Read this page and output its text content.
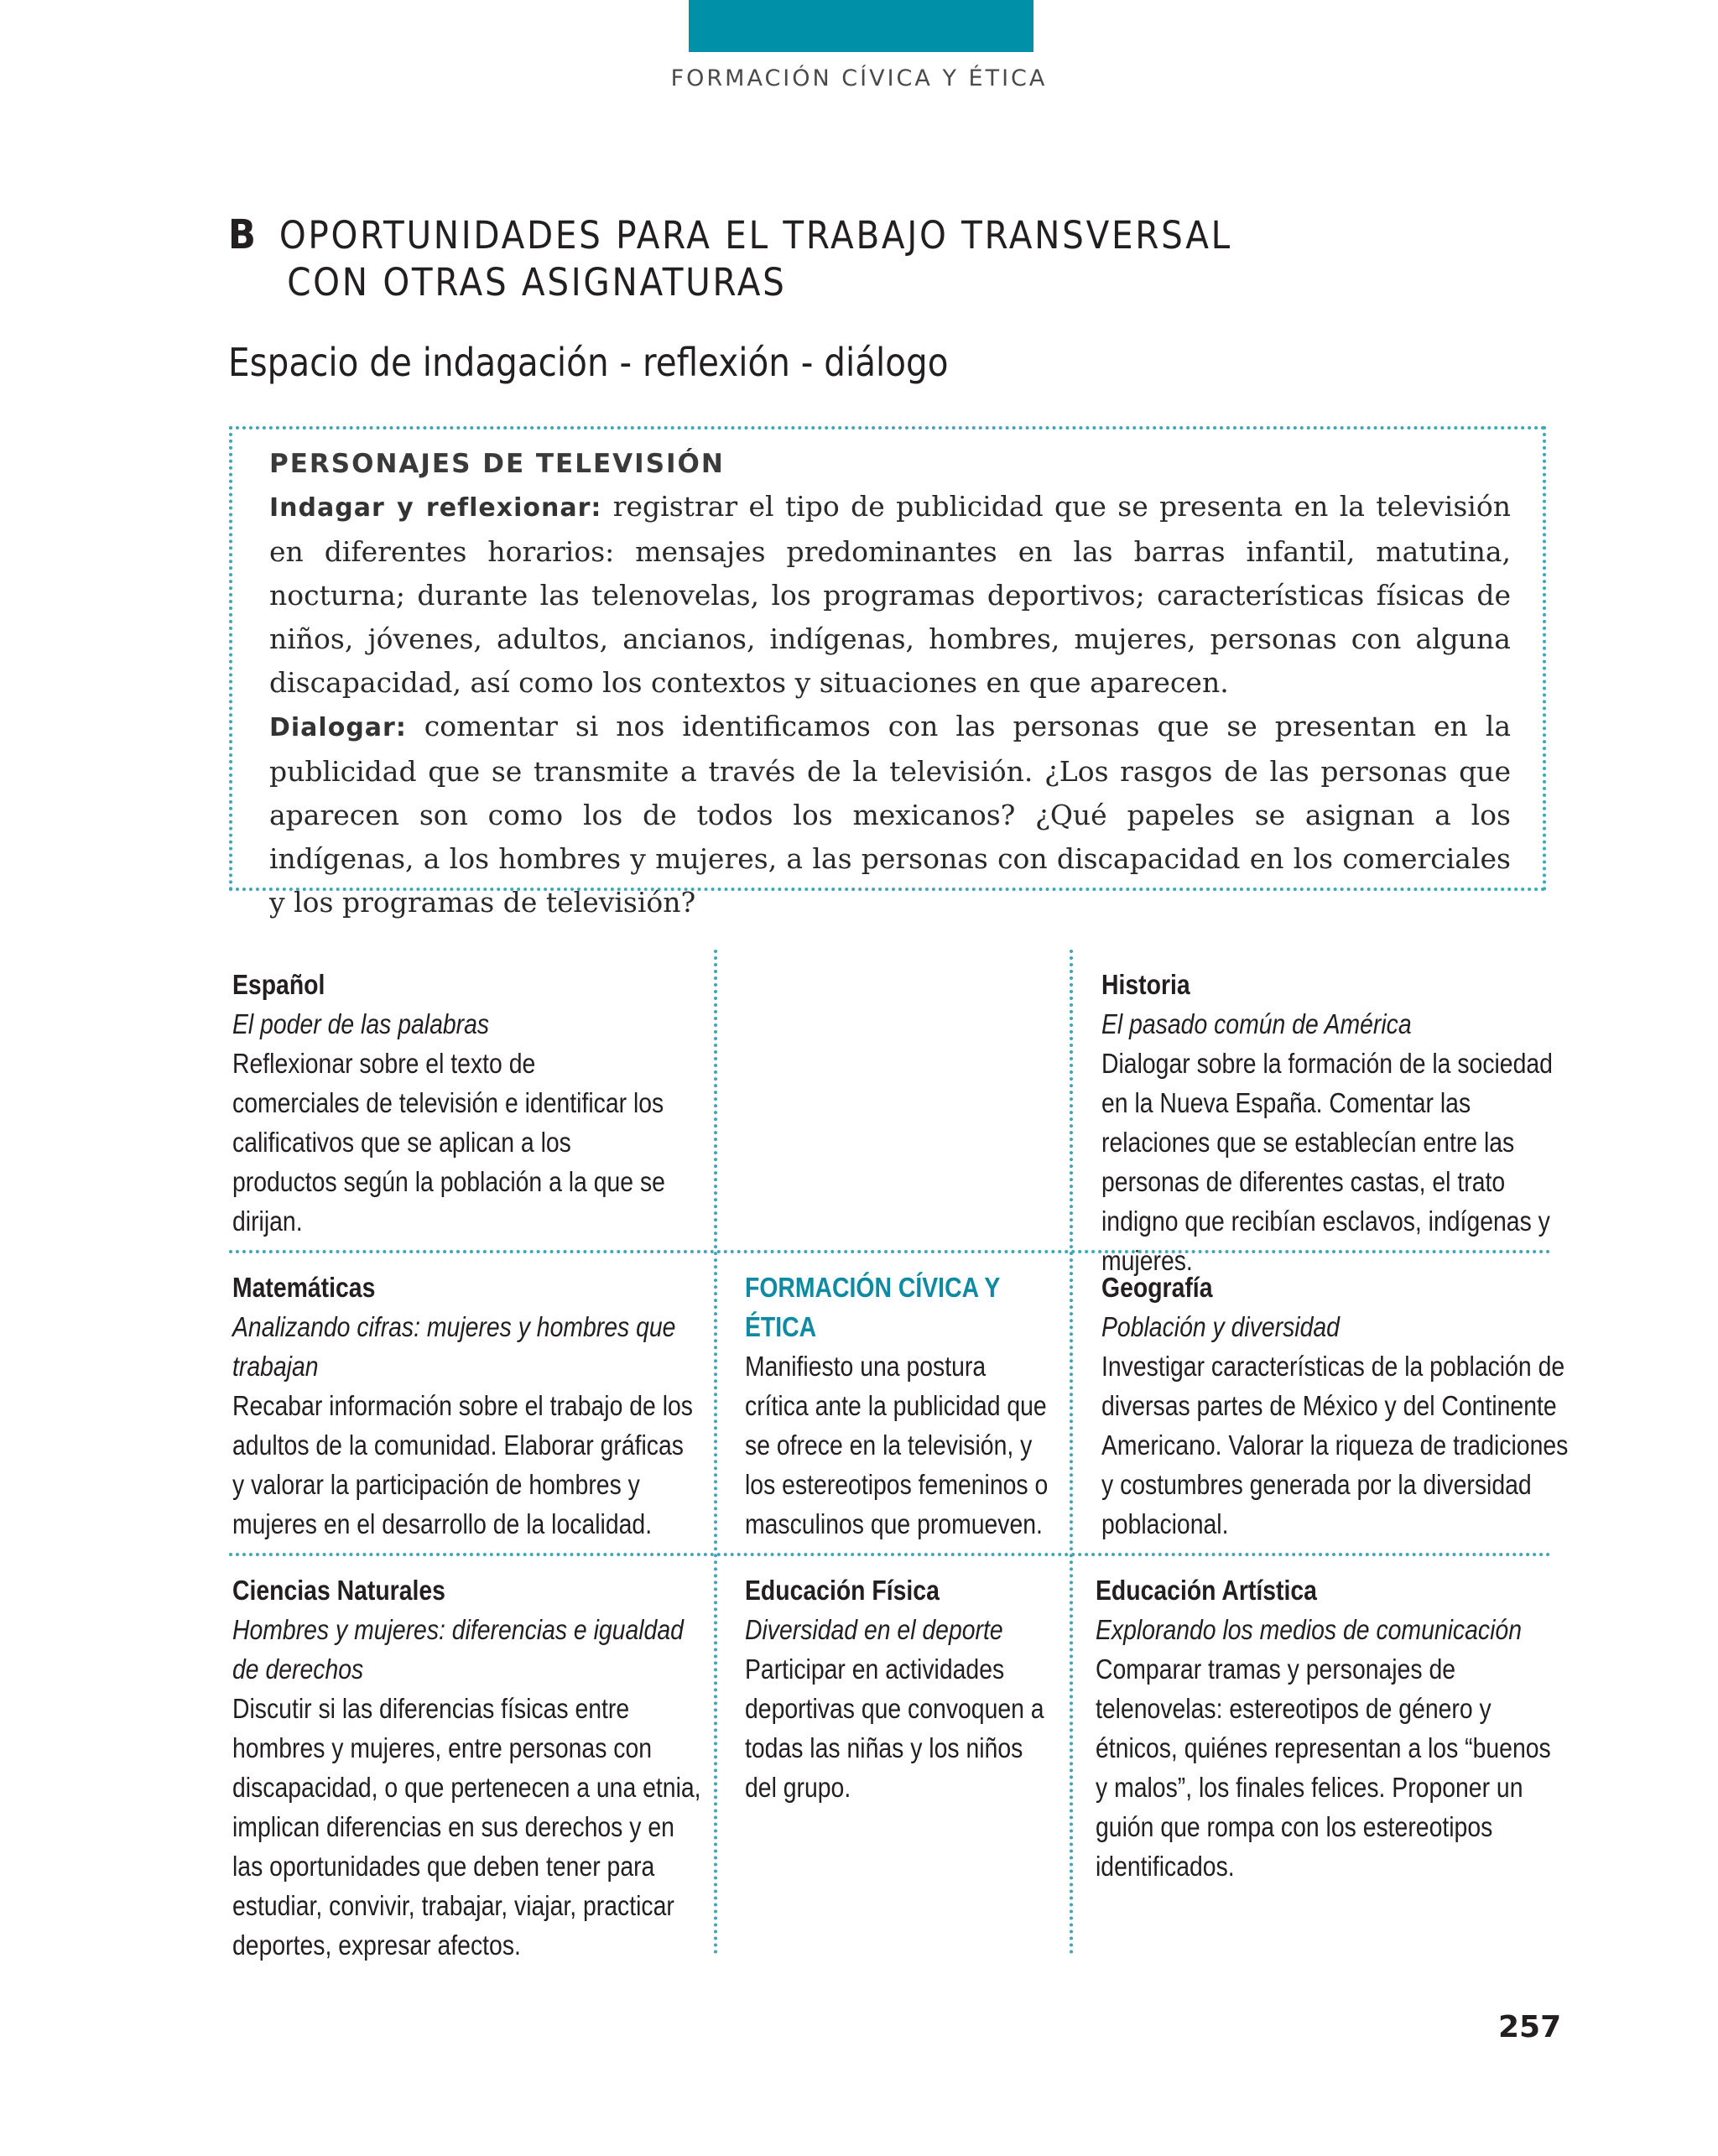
FORMACIÓN CÍVICA Y ÉTICA
B OPORTUNIDADES PARA EL TRABAJO TRANSVERSAL
CON OTRAS ASIGNATURAS
Espacio de indagación - reflexión - diálogo
PERSONAJES DE TELEVISIÓN

Indagar y reflexionar: registrar el tipo de publicidad que se presenta en la televisión en diferentes horarios: mensajes predominantes en las barras infantil, matutina, nocturna; durante las telenovelas, los programas deportivos; características físicas de niños, jóvenes, adultos, ancianos, indígenas, hombres, mujeres, personas con alguna discapacidad, así como los contextos y situaciones en que aparecen.

Dialogar: comentar si nos identificamos con las personas que se presentan en la publicidad que se transmite a través de la televisión. ¿Los rasgos de las personas que aparecen son como los de todos los mexicanos? ¿Qué papeles se asignan a los indígenas, a los hombres y mujeres, a las personas con discapacidad en los comerciales y los programas de televisión?

Español
El poder de las palabras
Reflexionar sobre el texto de comerciales de televisión e identificar los calificativos que se aplican a los productos según la población a la que se dirijan.
Historia
El pasado común de América
Dialogar sobre la formación de la sociedad en la Nueva España. Comentar las relaciones que se establecían entre las personas de diferentes castas, el trato indigno que recibían esclavos, indígenas y mujeres.
Matemáticas
Analizando cifras: mujeres y hombres que trabajan
Recabar información sobre el trabajo de los adultos de la comunidad. Elaborar gráficas y valorar la participación de hombres y mujeres en el desarrollo de la localidad.
FORMACIÓN CÍVICA Y ÉTICA
Manifiesto una postura crítica ante la publicidad que se ofrece en la televisión, y los estereotipos femeninos o masculinos que promueven.
Geografía
Población y diversidad
Investigar características de la población de diversas partes de México y del Continente Americano. Valorar la riqueza de tradiciones y costumbres generada por la diversidad poblacional.
Ciencias Naturales
Hombres y mujeres: diferencias e igualdad de derechos
Discutir si las diferencias físicas entre hombres y mujeres, entre personas con discapacidad, o que pertenecen a una etnia, implican diferencias en sus derechos y en las oportunidades que deben tener para estudiar, convivir, trabajar, viajar, practicar deportes, expresar afectos.
Educación Física
Diversidad en el deporte
Participar en actividades deportivas que convoquen a todas las niñas y los niños del grupo.
Educación Artística
Explorando los medios de comunicación
Comparar tramas y personajes de telenovelas: estereotipos de género y étnicos, quiénes representan a los “buenos y malos”, los finales felices. Proponer un guión que rompa con los estereotipos identificados.
257
